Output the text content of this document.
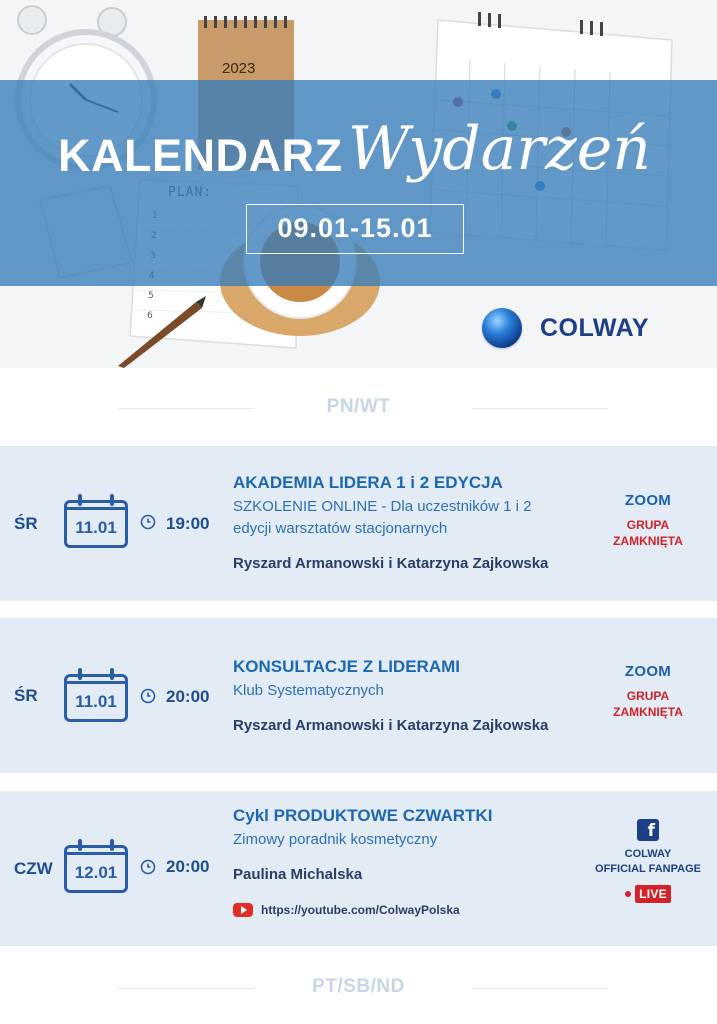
5
6
2023
KALENDARZ Wydarzeń
09.01-15.01
COLWAY
PN/WT
ŚR	11.01	19:00
AKADEMIA LIDERA 1 i 2 EDYCJA
SZKOLENIE ONLINE - Dla uczestników 1 i 2
edycji warsztatów stacjonarnych
Ryszard Armanowski i Katarzyna Zajkowska
ZOOM
GRUPA
ZAMKNIĘTA
ŚR	11.01	20:00
KONSULTACJE Z LIDERAMI
Klub Systematycznych
Ryszard Armanowski i Katarzyna Zajkowska
ZOOM
GRUPA
ZAMKNIĘTA
CZW	12.01	20:00
Cykl PRODUKTOWE CZWARTKI
Zimowy poradnik kosmetyczny
Paulina Michalska
https://youtube.com/ColwayPolska
f
COLWAY
OFFICIAL FANPAGE
LIVE
PT/SB/ND
